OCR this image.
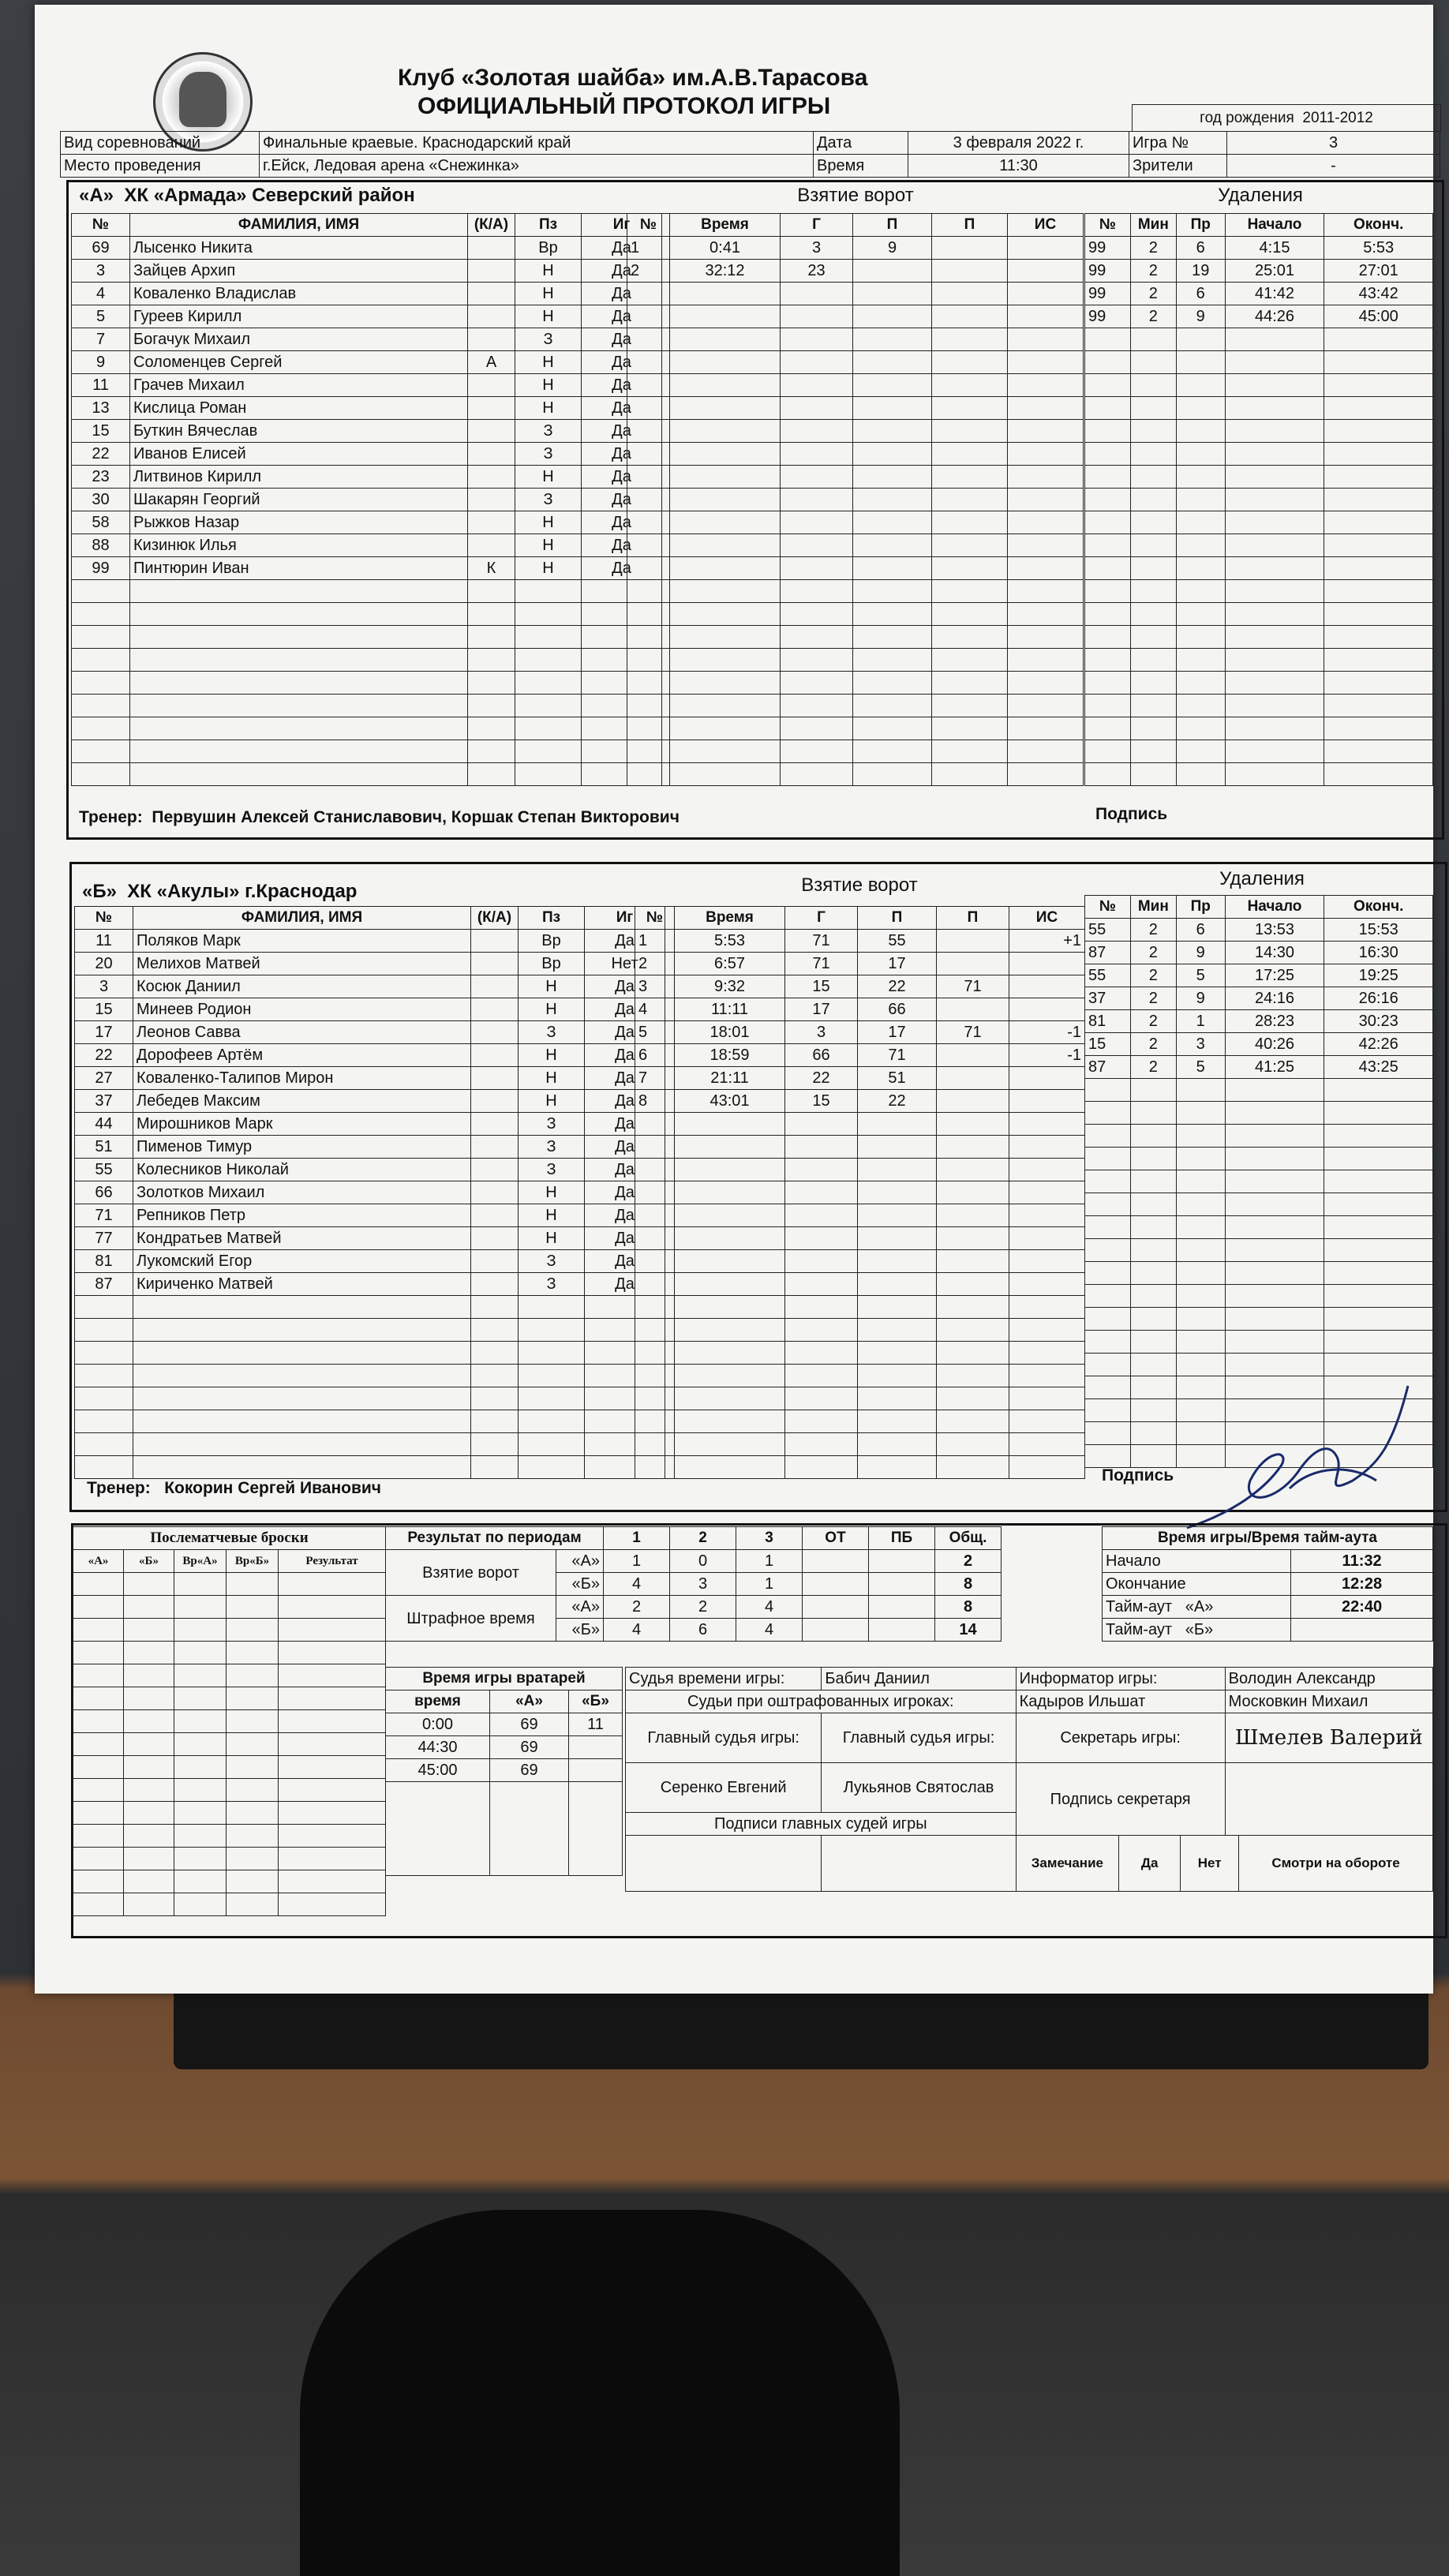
Клуб «Золотая шайба» им.А.В.Тарасова
ОФИЦИАЛЬНЫЙ ПРОТОКОЛ ИГРЫ	год рождения 2011-2012
Вид соревнований	Финальные краевые. Краснодарский край	Дата	3 февраля 2022 г.	Игра №	3
Место проведения	г.Ейск, Ледовая арена «Снежинка»	Время	11:30	Зрители	-
«А» ХК «Армада» Северский район	Взятие ворот	Удаления
№	ФАМИЛИЯ, ИМЯ	(К/А)	Пз	Иг
69	Лысенко Никита		Вр	Да
3	Зайцев Архип		Н	Да
4	Коваленко Владислав		Н	Да
5	Гуреев Кирилл		Н	Да
7	Богачук Михаил		З	Да
9	Соломенцев Сергей	А	Н	Да
11	Грачев Михаил		Н	Да
13	Кислица Роман		Н	Да
15	Буткин Вячеслав		З	Да
22	Иванов Елисей		З	Да
23	Литвинов Кирилл		Н	Да
30	Шакарян Георгий		З	Да
58	Рыжков Назар		Н	Да
88	Кизинюк Илья		Н	Да
99	Пинтюрин Иван	К	Н	Да

№	Время	Г	П	П	ИС
1	0:41	3	9		
2	32:12	23			

№	Мин	Пр	Начало	Оконч.
99	2	6	4:15	5:53
99	2	19	25:01	27:01
99	2	6	41:42	43:42
99	2	9	44:26	45:00

Тренер: Первушин Алексей Станиславович, Коршак Степан Викторович	Подпись
«Б» ХК «Акулы» г.Краснодар	Взятие ворот	Удаления
№	ФАМИЛИЯ, ИМЯ	(К/А)	Пз	Иг
11	Поляков Марк		Вр	Да
20	Мелихов Матвей		Вр	Нет
3	Косюк Даниил		Н	Да
15	Минеев Родион		Н	Да
17	Леонов Савва		З	Да
22	Дорофеев Артём		Н	Да
27	Коваленко-Талипов Мирон		Н	Да
37	Лебедев Максим		Н	Да
44	Мирошников Марк		З	Да
51	Пименов Тимур		З	Да
55	Колесников Николай		З	Да
66	Золотков Михаил		Н	Да
71	Репников Петр		Н	Да
77	Кондратьев Матвей		Н	Да
81	Лукомский Егор		З	Да
87	Кириченко Матвей		З	Да

№	Время	Г	П	П	ИС
1	5:53	71	55		+1
2	6:57	71	17		
3	9:32	15	22	71	
4	11:11	17	66		
5	18:01	3	17	71	-1
6	18:59	66	71		-1
7	21:11	22	51		
8	43:01	15	22		

№	Мин	Пр	Начало	Оконч.
55	2	6	13:53	15:53
87	2	9	14:30	16:30
55	2	5	17:25	19:25
37	2	9	24:16	26:16
81	2	1	28:23	30:23
15	2	3	40:26	42:26
87	2	5	41:25	43:25

Тренер: Кокорин Сергей Иванович
Подпись
Послематчевые броски				
«А»	«Б»	Вр«А»	Вр«Б»	Результат

Результат по периодам		1	2	3	ОТ	ПБ	Общ.
Взятие ворот	«А»	1	0	1			2
	«Б»	4	3	1			8
Штрафное время	«А»	2	2	4			8
	«Б»	4	6	4			14
Время игры/Время тайм-аута	
Начало	11:32
Окончание	12:28
Тайм-аут «А»	22:40
Тайм-аут «Б»	
Время игры вратарей		
время	«А»	«Б»
0:00	69	11
44:30	69	
45:00	69	

Судья времени игры:	Бабич Даниил	Информатор игры:	Володин Александр
Судьи при оштрафованных игроках:	Кадыров Ильшат	Московкин Михаил
Главный судья игры:	Главный судья игры:	Секретарь игры:	Шмелев Валерий
Серенко Евгений	Лукьянов Святослав	Подпись секретаря	
Подписи главных судей игры

Замечание	Да	Нет	Смотри на обороте
